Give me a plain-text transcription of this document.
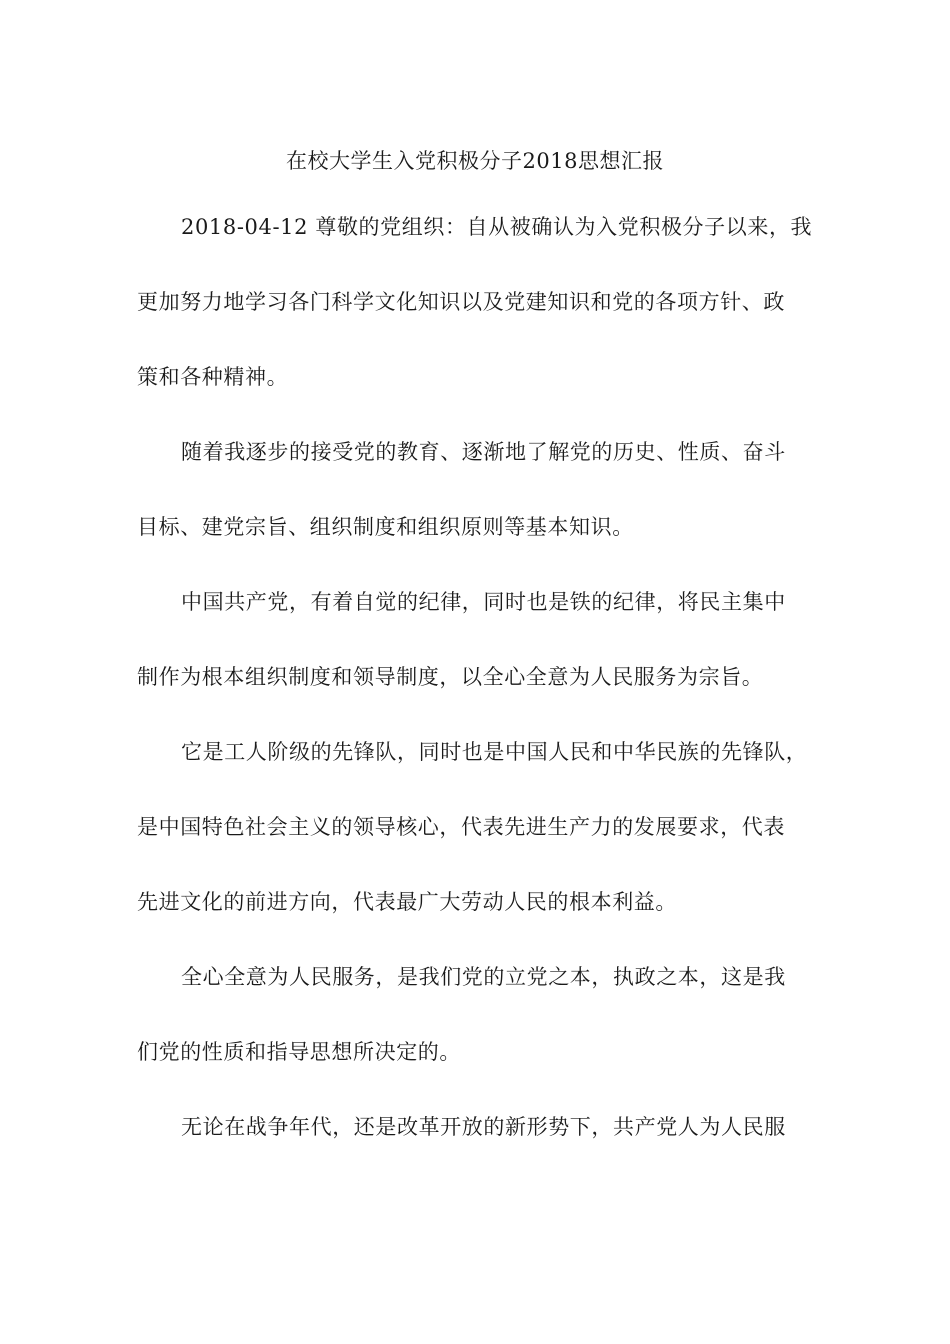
在校大学生入党积极分子2018思想汇报
2018-04-12 尊敬的党组织：自从被确认为入党积极分子以来，我
更加努力地学习各门科学文化知识以及党建知识和党的各项方针、政
策和各种精神。
随着我逐步的接受党的教育、逐渐地了解党的历史、性质、奋斗
目标、建党宗旨、组织制度和组织原则等基本知识。
中国共产党，有着自觉的纪律，同时也是铁的纪律，将民主集中
制作为根本组织制度和领导制度，以全心全意为人民服务为宗旨。
它是工人阶级的先锋队，同时也是中国人民和中华民族的先锋队，
是中国特色社会主义的领导核心，代表先进生产力的发展要求，代表
先进文化的前进方向，代表最广大劳动人民的根本利益。
全心全意为人民服务，是我们党的立党之本，执政之本，这是我
们党的性质和指导思想所决定的。
无论在战争年代，还是改革开放的新形势下，共产党人为人民服
